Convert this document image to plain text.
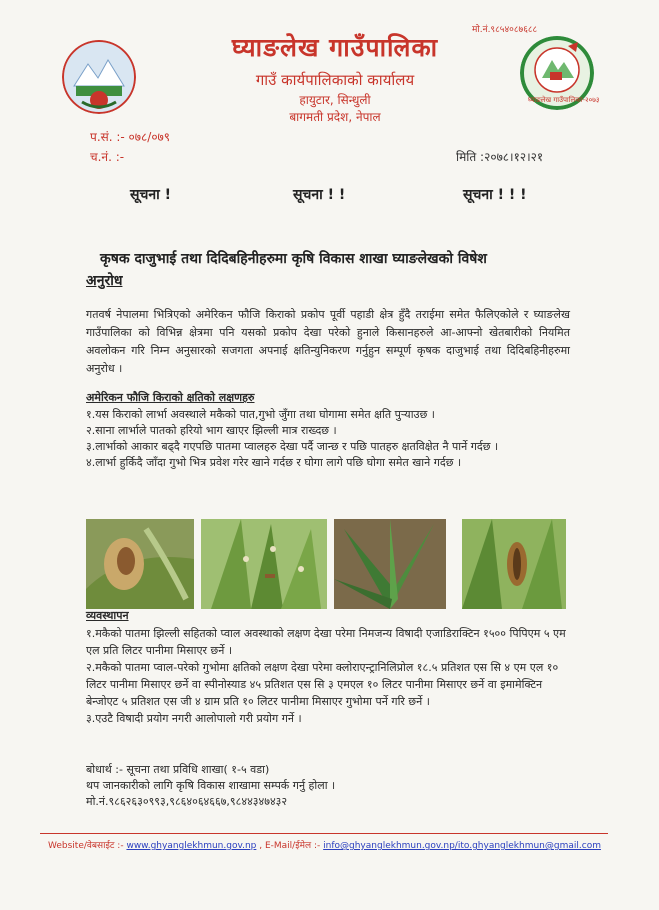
घ्याङलेख गाउँपालिका-२०७३
मो.नं.९८५४०८७६८८
घ्याङलेख गाउँपालिका
गाउँ कार्यपालिकाको कार्यालय
हायुटार, सिन्धुली
बागमती प्रदेश, नेपाल
प.सं. :- ०७८/०७९
च.नं. :-	मिति :२०७८।१२।२१
सूचना !	सूचना ! !	सूचना ! ! !
कृषक दाजुभाई तथा दिदिबहिनीहरुमा कृषि विकास शाखा घ्याङलेखको विषेश
अनुरोध
गतवर्ष नेपालमा भित्रिएको अमेरिकन फौजि किराको प्रकोप पूर्वी पहाडी क्षेत्र हुँदै तराईमा समेत फैलिएकोले र घ्याङलेख गाउँपालिका को विभिन्न क्षेत्रमा पनि यसको प्रकोप देखा परेको हुनाले किसानहरुले आ-आफ्नो खेतबारीको नियमित अवलोकन गरि निम्न अनुसारको सजगता अपनाई क्षतिन्युनिकरण गर्नुहुन सम्पूर्ण कृषक दाजुभाई तथा दिदिबहिनीहरुमा अनुरोध ।
अमेरिकन फौजि किराको क्षतिको लक्षणहरु
१.यस किराको लार्भा अवस्थाले मकैको पात,गुभो जुँगा तथा घोगामा समेत क्षति पुर्‍याउछ ।
२.साना लार्भाले पातको हरियो भाग खाएर झिल्ली मात्र राख्दछ ।
३.लार्भाको आकार बढ्दै गएपछि पातमा प्वालहरु देखा पर्दै जान्छ र पछि पातहरु क्षतविक्षेत नै पार्ने गर्दछ ।
४.लार्भा हुर्किदै जाँदा गुभो भित्र प्रवेश गरेर खाने गर्दछ र घोगा लागे पछि घोगा समेत खाने गर्दछ ।
व्यवस्थापन
१.मकैको पातमा झिल्ली सहितको प्वाल अवस्थाको लक्षण देखा परेमा निमजन्य विषादी एजाडिराक्टिन १५०० पिपिएम ५ एम एल प्रति लिटर पानीमा मिसाएर छर्ने ।
२.मकैको पातमा प्वाल-परेको गुभोमा क्षतिको लक्षण देखा परेमा क्लोराएन्ट्रानिलिप्रोल १८.५ प्रतिशत एस सि ४ एम एल १० लिटर पानीमा मिसाएर छर्ने वा स्पीनोस्याड ४५ प्रतिशत एस सि ३ एमएल १० लिटर पानीमा मिसाएर छर्ने वा इमामेक्टिन बेन्जोएट ५ प्रतिशत एस जी ४ ग्राम प्रति १० लिटर पानीमा मिसाएर गुभोमा पर्ने गरि छर्ने ।
३.एउटै विषादी प्रयोग नगरी आलोपालो गरी प्रयोग गर्ने ।
बोधार्थ :- सूचना तथा प्रविधि शाखा( १-५ वडा)
थप जानकारीको लागि कृषि विकास शाखामा सम्पर्क गर्नु होला ।
मो.नं.९८६२६३०९९३,९८६४०६४६६७,९८४४३४७४३२
Website/वेबसाईट :- www.ghyanglekhmun.gov.np , E-Mail/ईमेल :- info@ghyanglekhmun.gov.np/ito.ghyanglekhmun@gmail.com
